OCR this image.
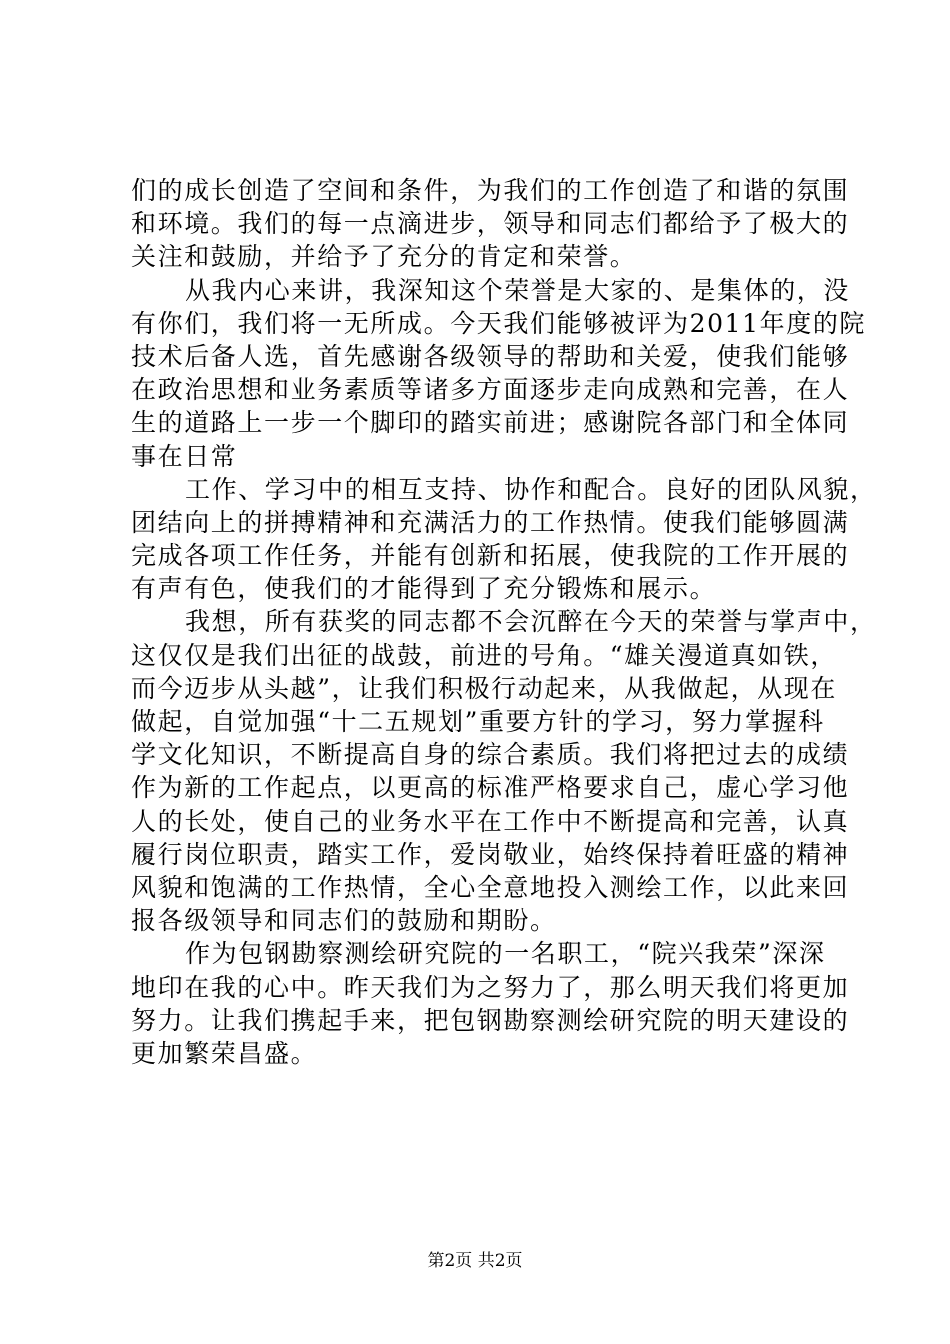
们的成长创造了空间和条件，为我们的工作创造了和谐的氛围
和环境。我们的每一点滴进步，领导和同志们都给予了极大的
关注和鼓励，并给予了充分的肯定和荣誉。
从我内心来讲，我深知这个荣誉是大家的、是集体的，没
有你们，我们将一无所成。今天我们能够被评为2011年度的院
技术后备人选，首先感谢各级领导的帮助和关爱，使我们能够
在政治思想和业务素质等诸多方面逐步走向成熟和完善，在人
生的道路上一步一个脚印的踏实前进；感谢院各部门和全体同
事在日常
工作、学习中的相互支持、协作和配合。良好的团队风貌，
团结向上的拼搏精神和充满活力的工作热情。使我们能够圆满
完成各项工作任务，并能有创新和拓展，使我院的工作开展的
有声有色，使我们的才能得到了充分锻炼和展示。
我想，所有获奖的同志都不会沉醉在今天的荣誉与掌声中，
这仅仅是我们出征的战鼓，前进的号角。“雄关漫道真如铁，
而今迈步从头越”，让我们积极行动起来，从我做起，从现在
做起，自觉加强“十二五规划”重要方针的学习，努力掌握科
学文化知识，不断提高自身的综合素质。我们将把过去的成绩
作为新的工作起点，以更高的标准严格要求自己，虚心学习他
人的长处，使自己的业务水平在工作中不断提高和完善，认真
履行岗位职责，踏实工作，爱岗敬业，始终保持着旺盛的精神
风貌和饱满的工作热情，全心全意地投入测绘工作，以此来回
报各级领导和同志们的鼓励和期盼。
作为包钢勘察测绘研究院的一名职工，“院兴我荣”深深
地印在我的心中。昨天我们为之努力了，那么明天我们将更加
努力。让我们携起手来，把包钢勘察测绘研究院的明天建设的
更加繁荣昌盛。
第2页 共2页
